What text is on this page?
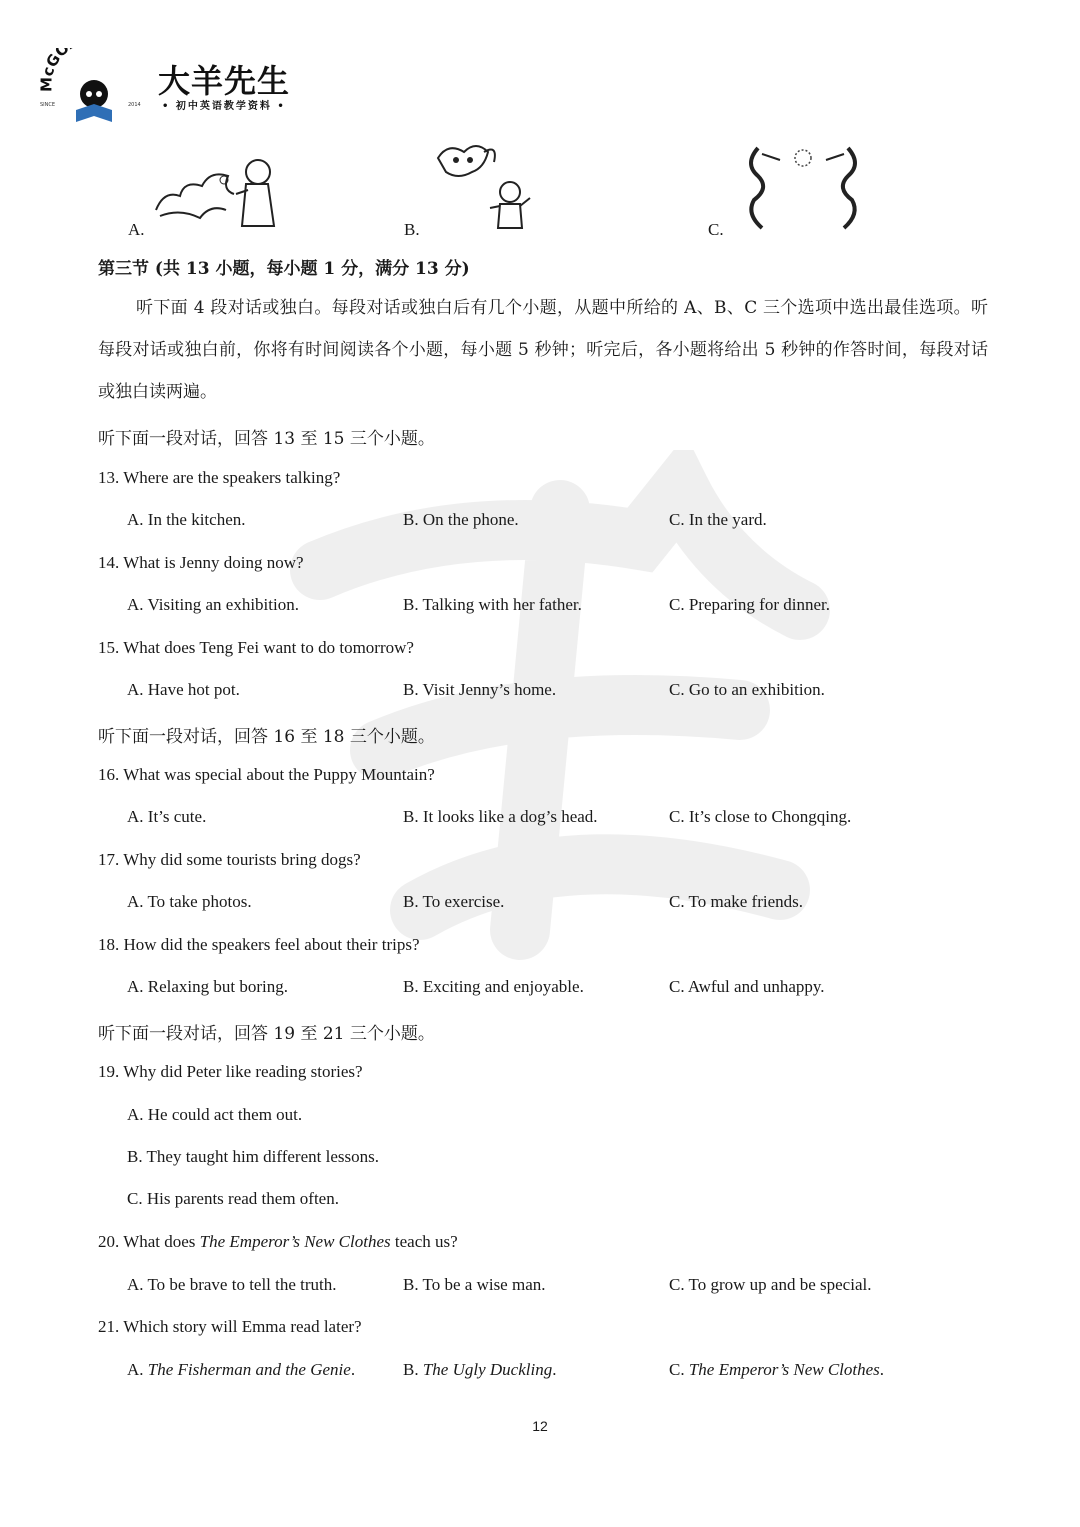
McGO
SINCE	2014
大羊先生
• 初中英语教学资料 •
A.	B.	C.
第三节 (共 13 小题，每小题 1 分，满分 13 分)
听下面 4 段对话或独白。每段对话或独白后有几个小题，从题中所给的 A、B、C 三个选项中选出最佳选项。听每段对话或独白前，你将有时间阅读各个小题，每小题 5 秒钟；听完后，各小题将给出 5 秒钟的作答时间，每段对话或独白读两遍。
听下面一段对话，回答 13 至 15 三个小题。
13. Where are the speakers talking?
A. In the kitchen.	B. On the phone.	C. In the yard.
14. What is Jenny doing now?
A. Visiting an exhibition.	B. Talking with her father.	C. Preparing for dinner.
15. What does Teng Fei want to do tomorrow?
A. Have hot pot.	B. Visit Jenny’s home.	C. Go to an exhibition.
听下面一段对话，回答 16 至 18 三个小题。
16. What was special about the Puppy Mountain?
A. It’s cute.	B. It looks like a dog’s head.	C. It’s close to Chongqing.
17. Why did some tourists bring dogs?
A. To take photos.	B. To exercise.	C. To make friends.
18. How did the speakers feel about their trips?
A. Relaxing but boring.	B. Exciting and enjoyable.	C. Awful and unhappy.
听下面一段对话，回答 19 至 21 三个小题。
19. Why did Peter like reading stories?
A. He could act them out.
B. They taught him different lessons.
C. His parents read them often.
20. What does The Emperor’s New Clothes teach us?
A. To be brave to tell the truth.	B. To be a wise man.	C. To grow up and be special.
21. Which story will Emma read later?
A. The Fisherman and the Genie.	B. The Ugly Duckling.	C. The Emperor’s New Clothes.
12
